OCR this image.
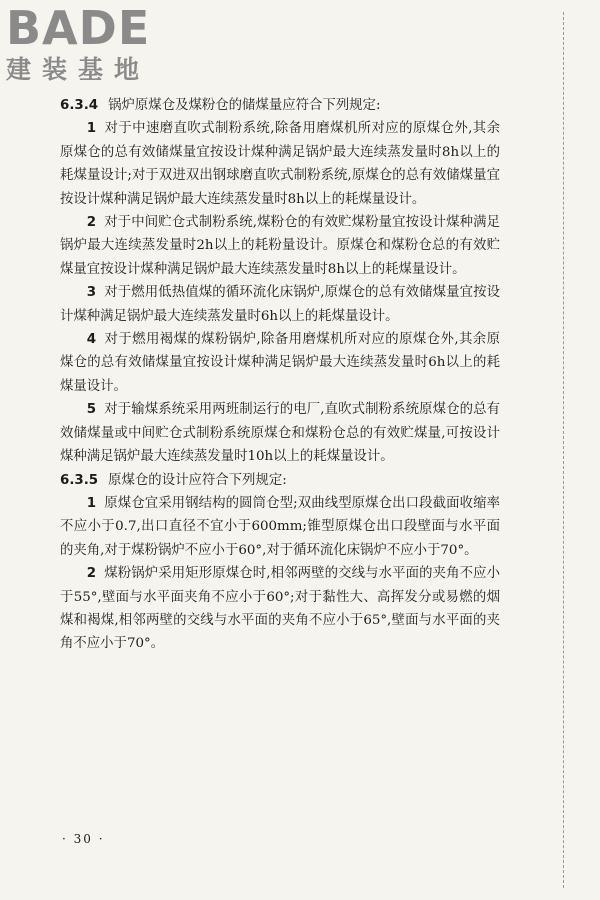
BADE
建装基地

6.3.4 锅炉原煤仓及煤粉仓的储煤量应符合下列规定:

1 对于中速磨直吹式制粉系统,除备用磨煤机所对应的原煤仓外,其余原煤仓的总有效储煤量宜按设计煤种满足锅炉最大连续蒸发量时8h以上的耗煤量设计;对于双进双出钢球磨直吹式制粉系统,原煤仓的总有效储煤量宜按设计煤种满足锅炉最大连续蒸发量时8h以上的耗煤量设计。

2 对于中间贮仓式制粉系统,煤粉仓的有效贮煤粉量宜按设计煤种满足锅炉最大连续蒸发量时2h以上的耗粉量设计。原煤仓和煤粉仓总的有效贮煤量宜按设计煤种满足锅炉最大连续蒸发量时8h以上的耗煤量设计。

3 对于燃用低热值煤的循环流化床锅炉,原煤仓的总有效储煤量宜按设计煤种满足锅炉最大连续蒸发量时6h以上的耗煤量设计。

4 对于燃用褐煤的煤粉锅炉,除备用磨煤机所对应的原煤仓外,其余原煤仓的总有效储煤量宜按设计煤种满足锅炉最大连续蒸发量时6h以上的耗煤量设计。

5 对于输煤系统采用两班制运行的电厂,直吹式制粉系统原煤仓的总有效储煤量或中间贮仓式制粉系统原煤仓和煤粉仓总的有效贮煤量,可按设计煤种满足锅炉最大连续蒸发量时10h以上的耗煤量设计。

6.3.5 原煤仓的设计应符合下列规定:

1 原煤仓宜采用钢结构的圆筒仓型;双曲线型原煤仓出口段截面收缩率不应小于0.7,出口直径不宜小于600mm;锥型原煤仓出口段壁面与水平面的夹角,对于煤粉锅炉不应小于60°,对于循环流化床锅炉不应小于70°。

2 煤粉锅炉采用矩形原煤仓时,相邻两壁的交线与水平面的夹角不应小于55°,壁面与水平面夹角不应小于60°;对于黏性大、高挥发分或易燃的烟煤和褐煤,相邻两壁的交线与水平面的夹角不应小于65°,壁面与水平面的夹角不应小于70°。

· 30 ·
